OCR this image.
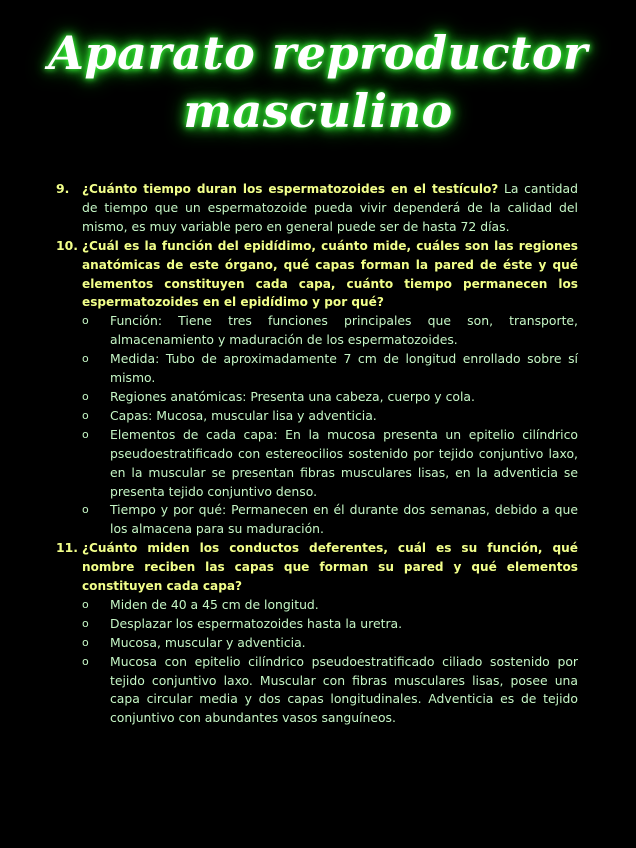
Aparato reproductor
masculino
9.	¿Cuánto tiempo duran los espermatozoides en el testículo? La cantidad de tiempo que un espermatozoide pueda vivir dependerá de la calidad del mismo, es muy variable pero en general puede ser de hasta 72 días.
10. ¿Cuál es la función del epidídimo, cuánto mide, cuáles son las regiones anatómicas de este órgano, qué capas forman la pared de éste y qué elementos constituyen cada capa, cuánto tiempo permanecen los espermatozoides en el epidídimo y por qué?
o	Función: Tiene tres funciones principales que son, transporte, almacenamiento y maduración de los espermatozoides.
o	Medida: Tubo de aproximadamente 7 cm de longitud enrollado sobre sí mismo.
o	Regiones anatómicas: Presenta una cabeza, cuerpo y cola.
o	Capas: Mucosa, muscular lisa y adventicia.
o	Elementos de cada capa: En la mucosa presenta un epitelio cilíndrico pseudoestratificado con estereocilios sostenido por tejido conjuntivo laxo, en la muscular se presentan fibras musculares lisas, en la adventicia se presenta tejido conjuntivo denso.
o	Tiempo y por qué: Permanecen en él durante dos semanas, debido a que los almacena para su maduración.
11. ¿Cuánto miden los conductos deferentes, cuál es su función, qué nombre reciben las capas que forman su pared y qué elementos constituyen cada capa?
o	Miden de 40 a 45 cm de longitud.
o	Desplazar los espermatozoides hasta la uretra.
o	Mucosa, muscular y adventicia.
o	Mucosa con epitelio cilíndrico pseudoestratificado ciliado sostenido por tejido conjuntivo laxo. Muscular con fibras musculares lisas, posee una capa circular media y dos capas longitudinales. Adventicia es de tejido conjuntivo con abundantes vasos sanguíneos.
